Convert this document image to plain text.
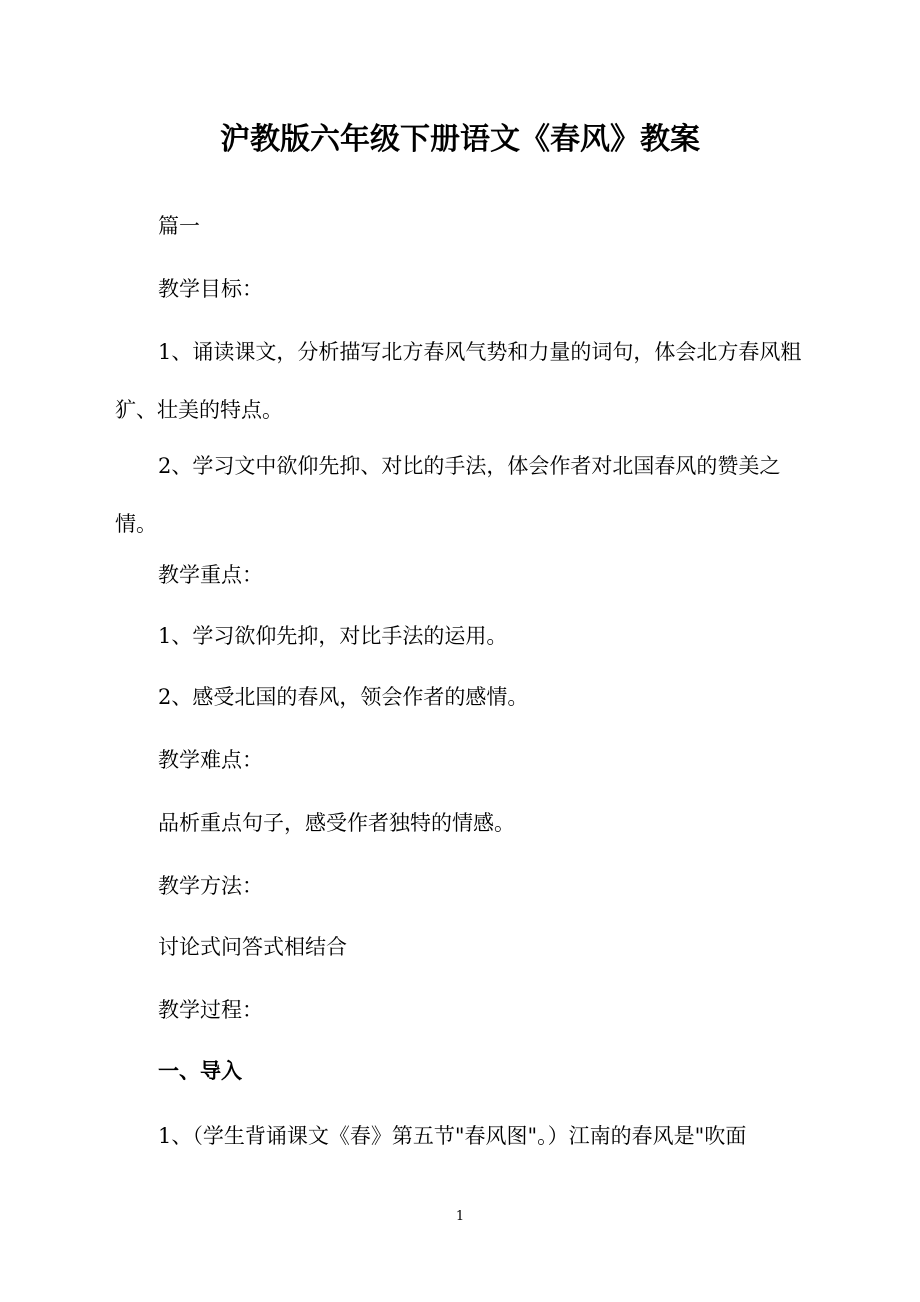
沪教版六年级下册语文《春风》教案

篇一

教学目标：

1、诵读课文，分析描写北方春风气势和力量的词句，体会北方春风粗犷、壮美的特点。

2、学习文中欲仰先抑、对比的手法，体会作者对北国春风的赞美之情。

教学重点：

1、学习欲仰先抑，对比手法的运用。

2、感受北国的春风，领会作者的感情。

教学难点：

品析重点句子，感受作者独特的情感。

教学方法：

讨论式问答式相结合

教学过程：

一、导入

1、（学生背诵课文《春》第五节"春风图"。）江南的春风是"吹面

1
